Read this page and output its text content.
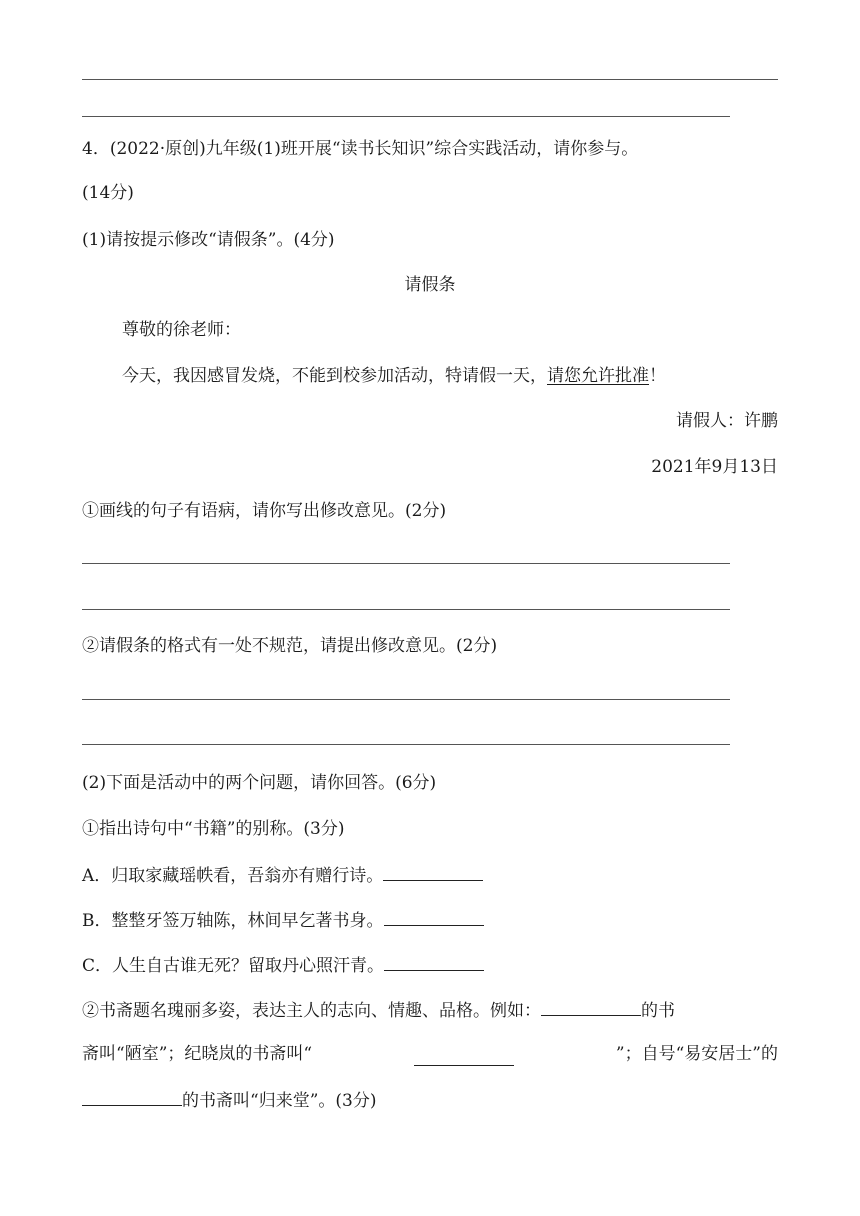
4．(2022·原创)九年级(1)班开展“读书长知识”综合实践活动，请你参与。
(14分)
(1)请按提示修改“请假条”。(4分)
请假条
尊敬的徐老师：
今天，我因感冒发烧，不能到校参加活动，特请假一天，请您允许批准！
请假人：许鹏
2021年9月13日
①画线的句子有语病，请你写出修改意见。(2分)
②请假条的格式有一处不规范，请提出修改意见。(2分)
(2)下面是活动中的两个问题，请你回答。(6分)
①指出诗句中“书籍”的别称。(3分)
A．归取家藏瑶帙看，吾翁亦有赠行诗。
B．整整牙签万轴陈，林间早乞著书身。
C．人生自古谁无死？留取丹心照汗青。
②书斋题名瑰丽多姿，表达主人的志向、情趣、品格。例如：	的书
斋叫“陋室”；纪晓岚的书斋叫“	”；自号“易安居士”的
的书斋叫“归来堂”。(3分)
